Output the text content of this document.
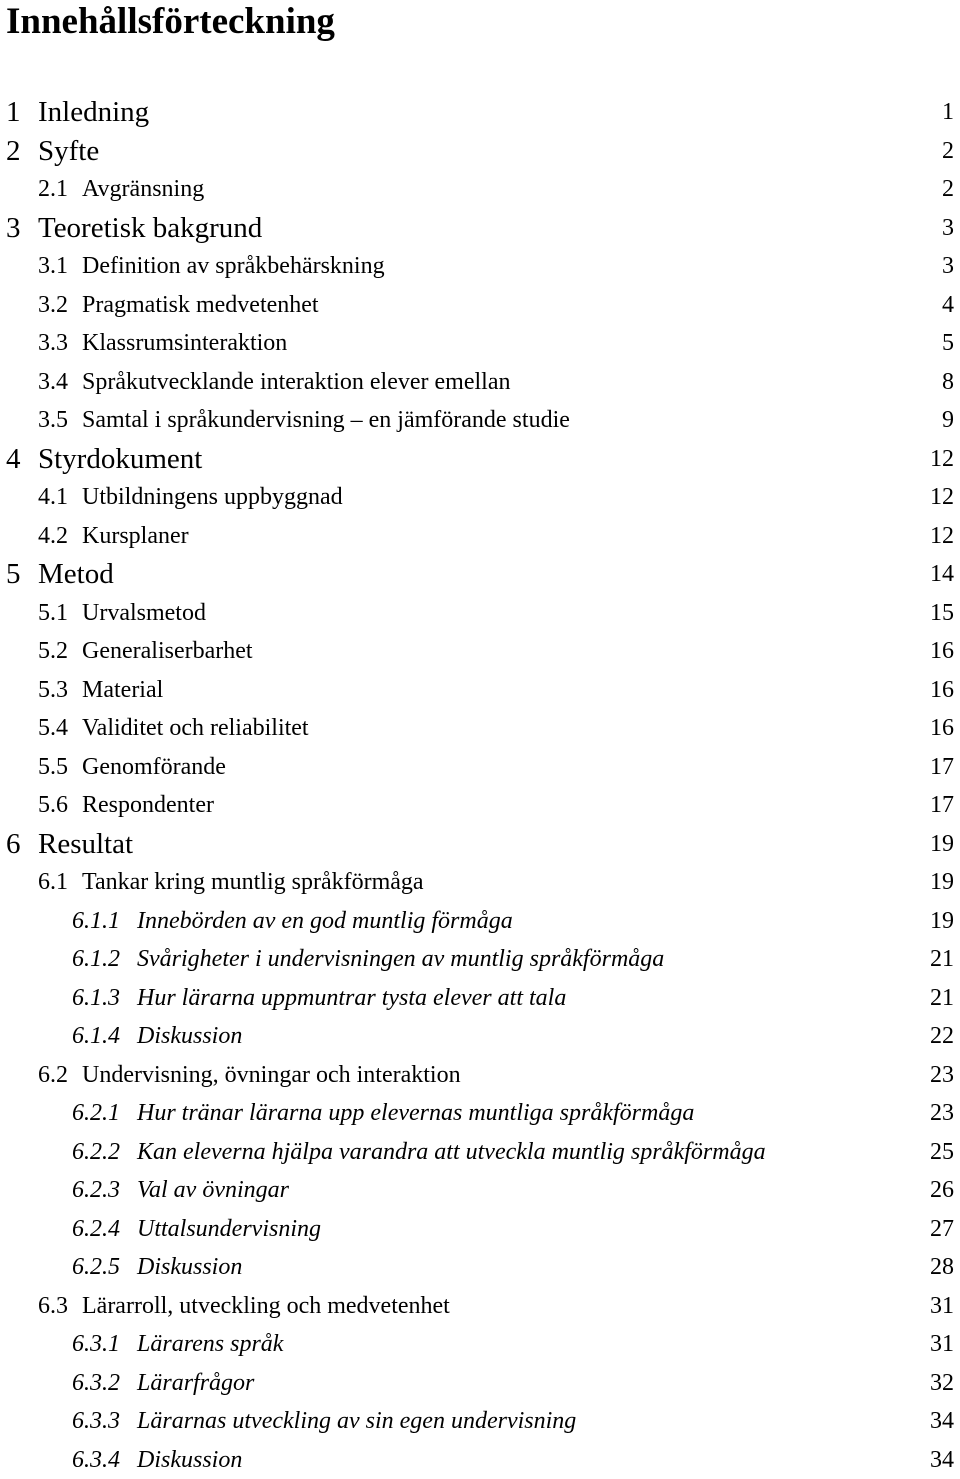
Innehållsförteckning
1 Inledning	1
2 Syfte	2
2.1 Avgränsning	2
3 Teoretisk bakgrund	3
3.1 Definition av språkbehärskning	3
3.2 Pragmatisk medvetenhet	4
3.3 Klassrumsinteraktion	5
3.4 Språkutvecklande interaktion elever emellan	8
3.5 Samtal i språkundervisning – en jämförande studie	9
4 Styrdokument	12
4.1 Utbildningens uppbyggnad	12
4.2 Kursplaner	12
5 Metod	14
5.1 Urvalsmetod	15
5.2 Generaliserbarhet	16
5.3 Material	16
5.4 Validitet och reliabilitet	16
5.5 Genomförande	17
5.6 Respondenter	17
6 Resultat	19
6.1 Tankar kring muntlig språkförmåga	19
6.1.1 Innebörden av en god muntlig förmåga	19
6.1.2 Svårigheter i undervisningen av muntlig språkförmåga	21
6.1.3 Hur lärarna uppmuntrar tysta elever att tala	21
6.1.4 Diskussion	22
6.2 Undervisning, övningar och interaktion	23
6.2.1 Hur tränar lärarna upp elevernas muntliga språkförmåga	23
6.2.2 Kan eleverna hjälpa varandra att utveckla muntlig språkförmåga	25
6.2.3 Val av övningar	26
6.2.4 Uttalsundervisning	27
6.2.5 Diskussion	28
6.3 Lärarroll, utveckling och medvetenhet	31
6.3.1 Lärarens språk	31
6.3.2 Lärarfrågor	32
6.3.3 Lärarnas utveckling av sin egen undervisning	34
6.3.4 Diskussion	34
